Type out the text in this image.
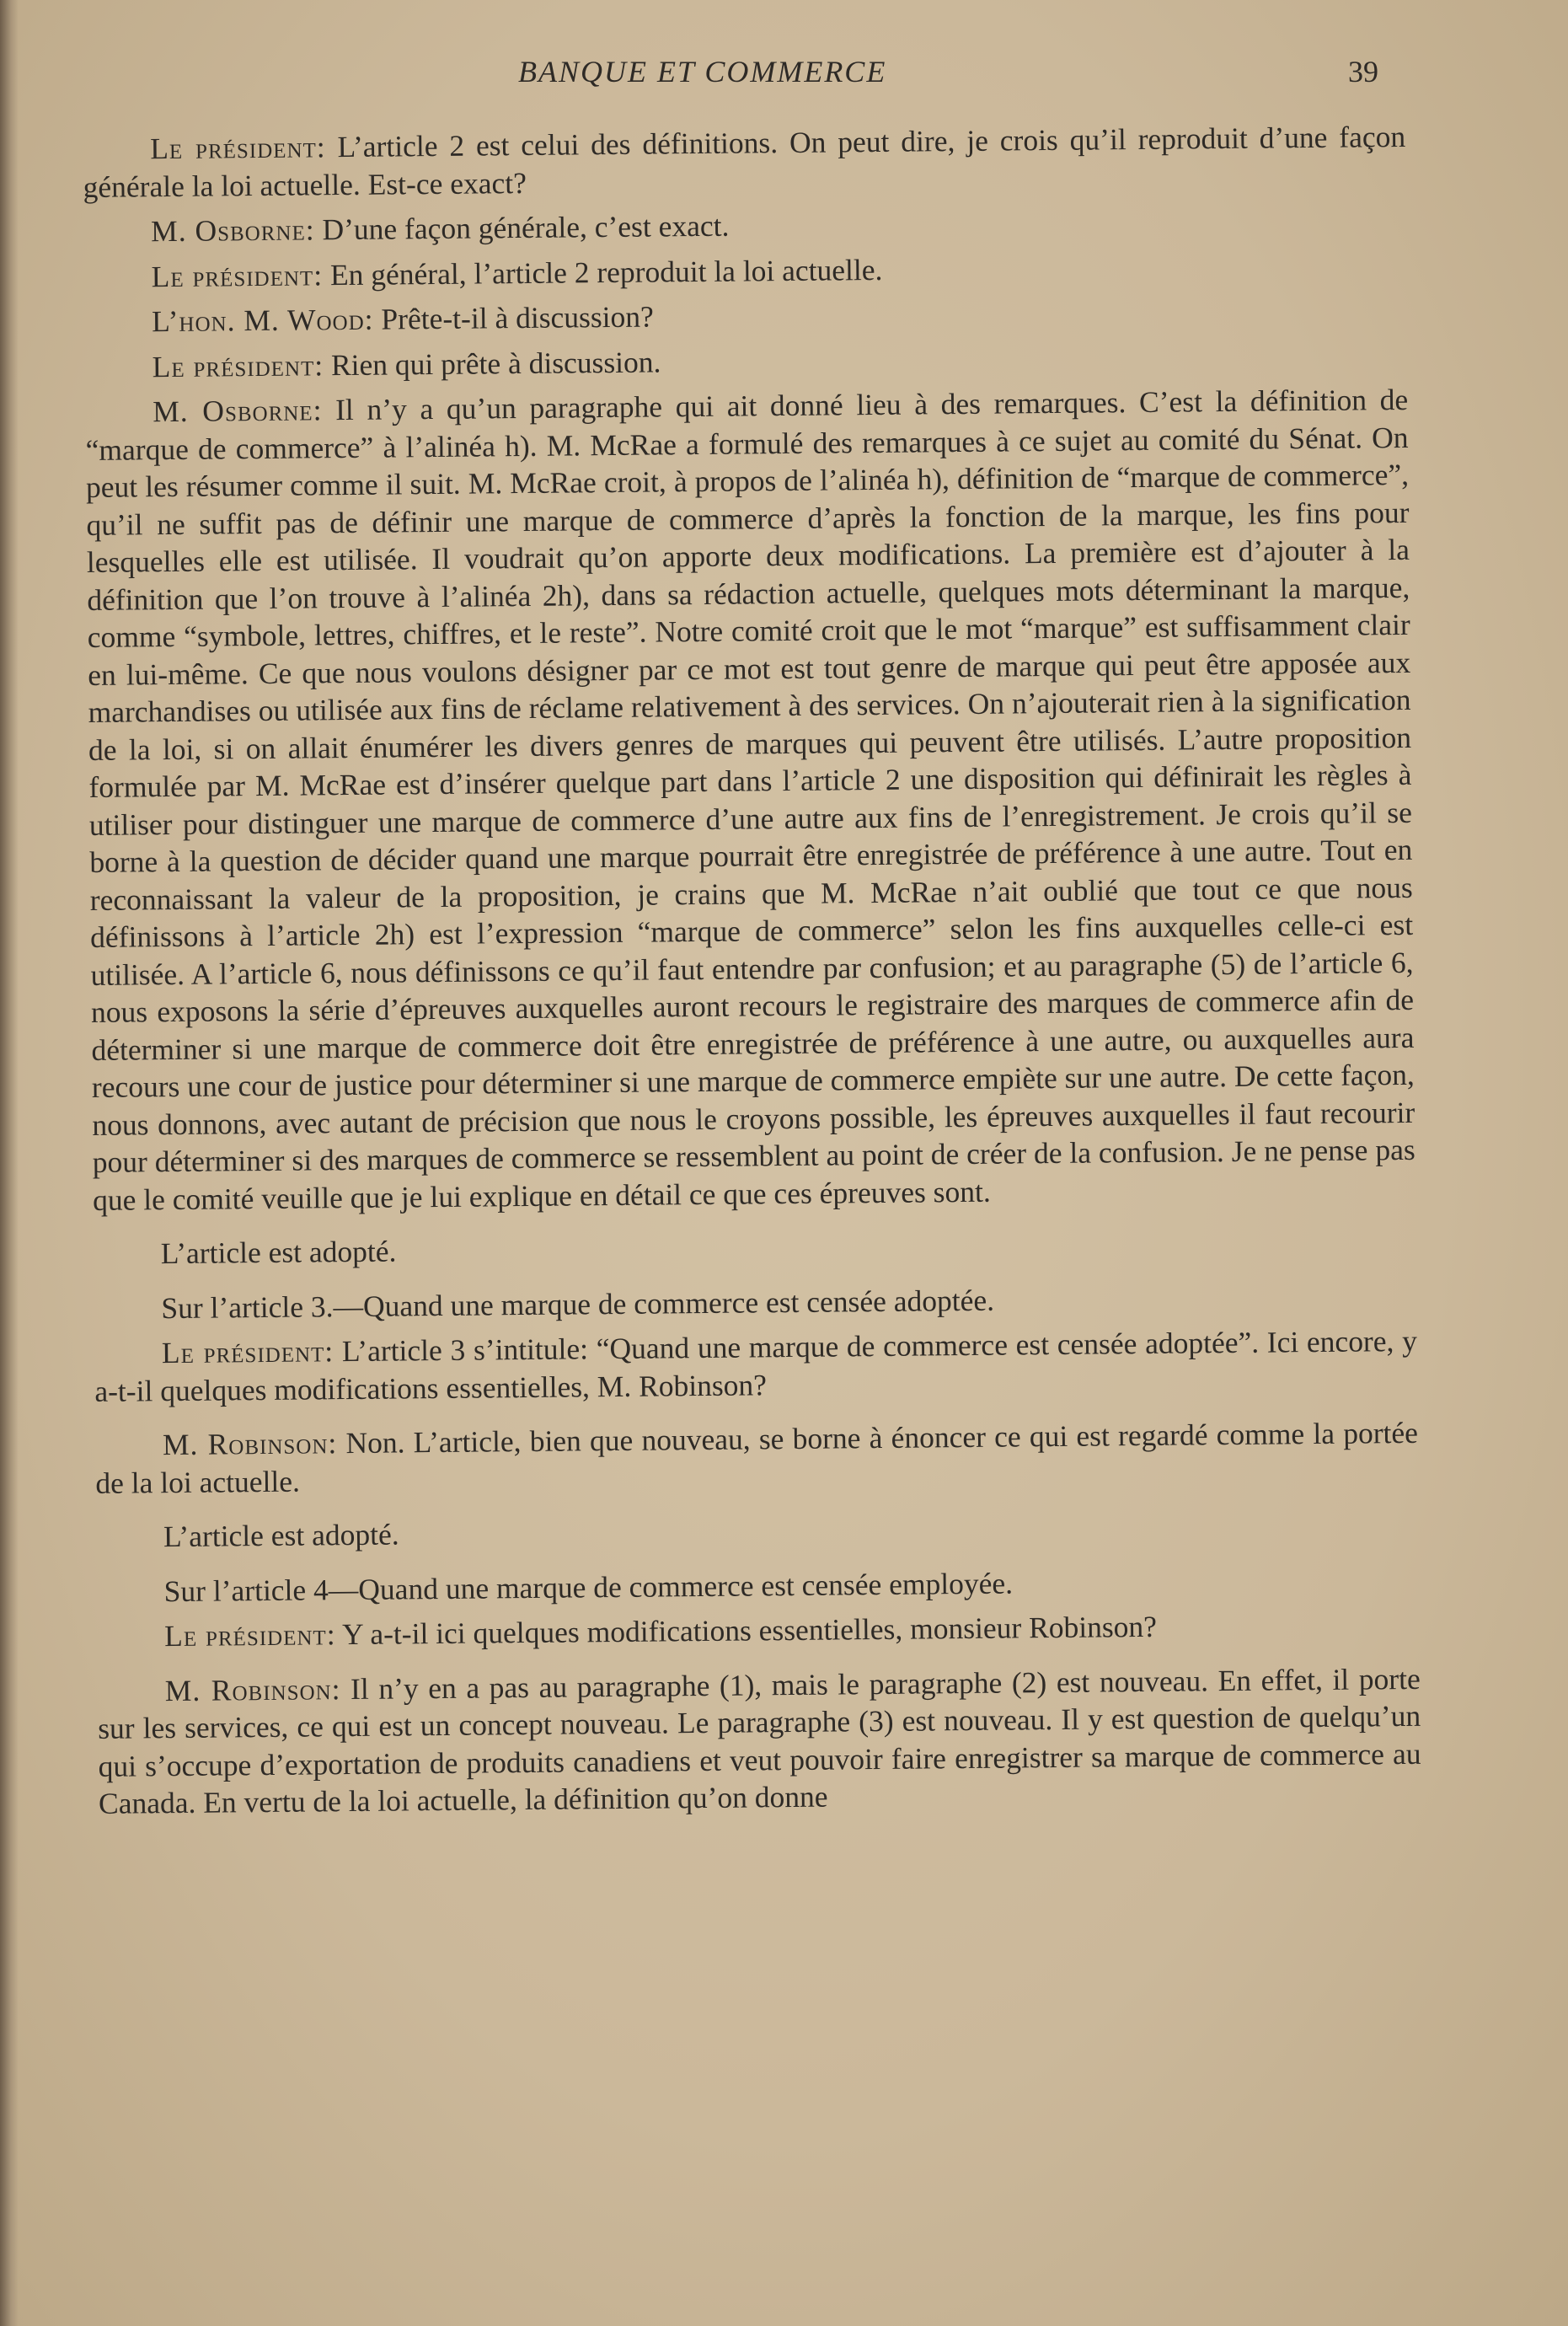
BANQUE ET COMMERCE	39

Le président: L’article 2 est celui des définitions. On peut dire, je crois qu’il reproduit d’une façon générale la loi actuelle. Est-ce exact?

M. Osborne: D’une façon générale, c’est exact.

Le président: En général, l’article 2 reproduit la loi actuelle.

L’hon. M. Wood: Prête-t-il à discussion?

Le président: Rien qui prête à discussion.

M. Osborne: Il n’y a qu’un paragraphe qui ait donné lieu à des remarques. C’est la définition de “marque de commerce” à l’alinéa h). M. McRae a formulé des remarques à ce sujet au comité du Sénat. On peut les résumer comme il suit. M. McRae croit, à propos de l’alinéa h), définition de “marque de commerce”, qu’il ne suffit pas de définir une marque de commerce d’après la fonction de la marque, les fins pour lesquelles elle est utilisée. Il voudrait qu’on apporte deux modifications. La première est d’ajouter à la définition que l’on trouve à l’alinéa 2h), dans sa rédaction actuelle, quelques mots déterminant la marque, comme “symbole, lettres, chiffres, et le reste”. Notre comité croit que le mot “marque” est suffisamment clair en lui-même. Ce que nous voulons désigner par ce mot est tout genre de marque qui peut être apposée aux marchandises ou utilisée aux fins de réclame relativement à des services. On n’ajouterait rien à la signification de la loi, si on allait énumérer les divers genres de marques qui peuvent être utilisés. L’autre proposition formulée par M. McRae est d’insérer quelque part dans l’article 2 une disposition qui définirait les règles à utiliser pour distinguer une marque de commerce d’une autre aux fins de l’enregistrement. Je crois qu’il se borne à la question de décider quand une marque pourrait être enregistrée de préférence à une autre. Tout en reconnaissant la valeur de la proposition, je crains que M. McRae n’ait oublié que tout ce que nous définissons à l’article 2h) est l’expression “marque de commerce” selon les fins auxquelles celle-ci est utilisée. A l’article 6, nous définissons ce qu’il faut entendre par confusion; et au paragraphe (5) de l’article 6, nous exposons la série d’épreuves auxquelles auront recours le registraire des marques de commerce afin de déterminer si une marque de commerce doit être enregistrée de préférence à une autre, ou auxquelles aura recours une cour de justice pour déterminer si une marque de commerce empiète sur une autre. De cette façon, nous donnons, avec autant de précision que nous le croyons possible, les épreuves auxquelles il faut recourir pour déterminer si des marques de commerce se ressemblent au point de créer de la confusion. Je ne pense pas que le comité veuille que je lui explique en détail ce que ces épreuves sont.

L’article est adopté.

Sur l’article 3.—Quand une marque de commerce est censée adoptée.

Le président: L’article 3 s’intitule: “Quand une marque de commerce est censée adoptée”. Ici encore, y a-t-il quelques modifications essentielles, M. Robinson?

M. Robinson: Non. L’article, bien que nouveau, se borne à énoncer ce qui est regardé comme la portée de la loi actuelle.

L’article est adopté.

Sur l’article 4—Quand une marque de commerce est censée employée.

Le président: Y a-t-il ici quelques modifications essentielles, monsieur Robinson?

M. Robinson: Il n’y en a pas au paragraphe (1), mais le paragraphe (2) est nouveau. En effet, il porte sur les services, ce qui est un concept nouveau. Le paragraphe (3) est nouveau. Il y est question de quelqu’un qui s’occupe d’exportation de produits canadiens et veut pouvoir faire enregistrer sa marque de commerce au Canada. En vertu de la loi actuelle, la définition qu’on donne
